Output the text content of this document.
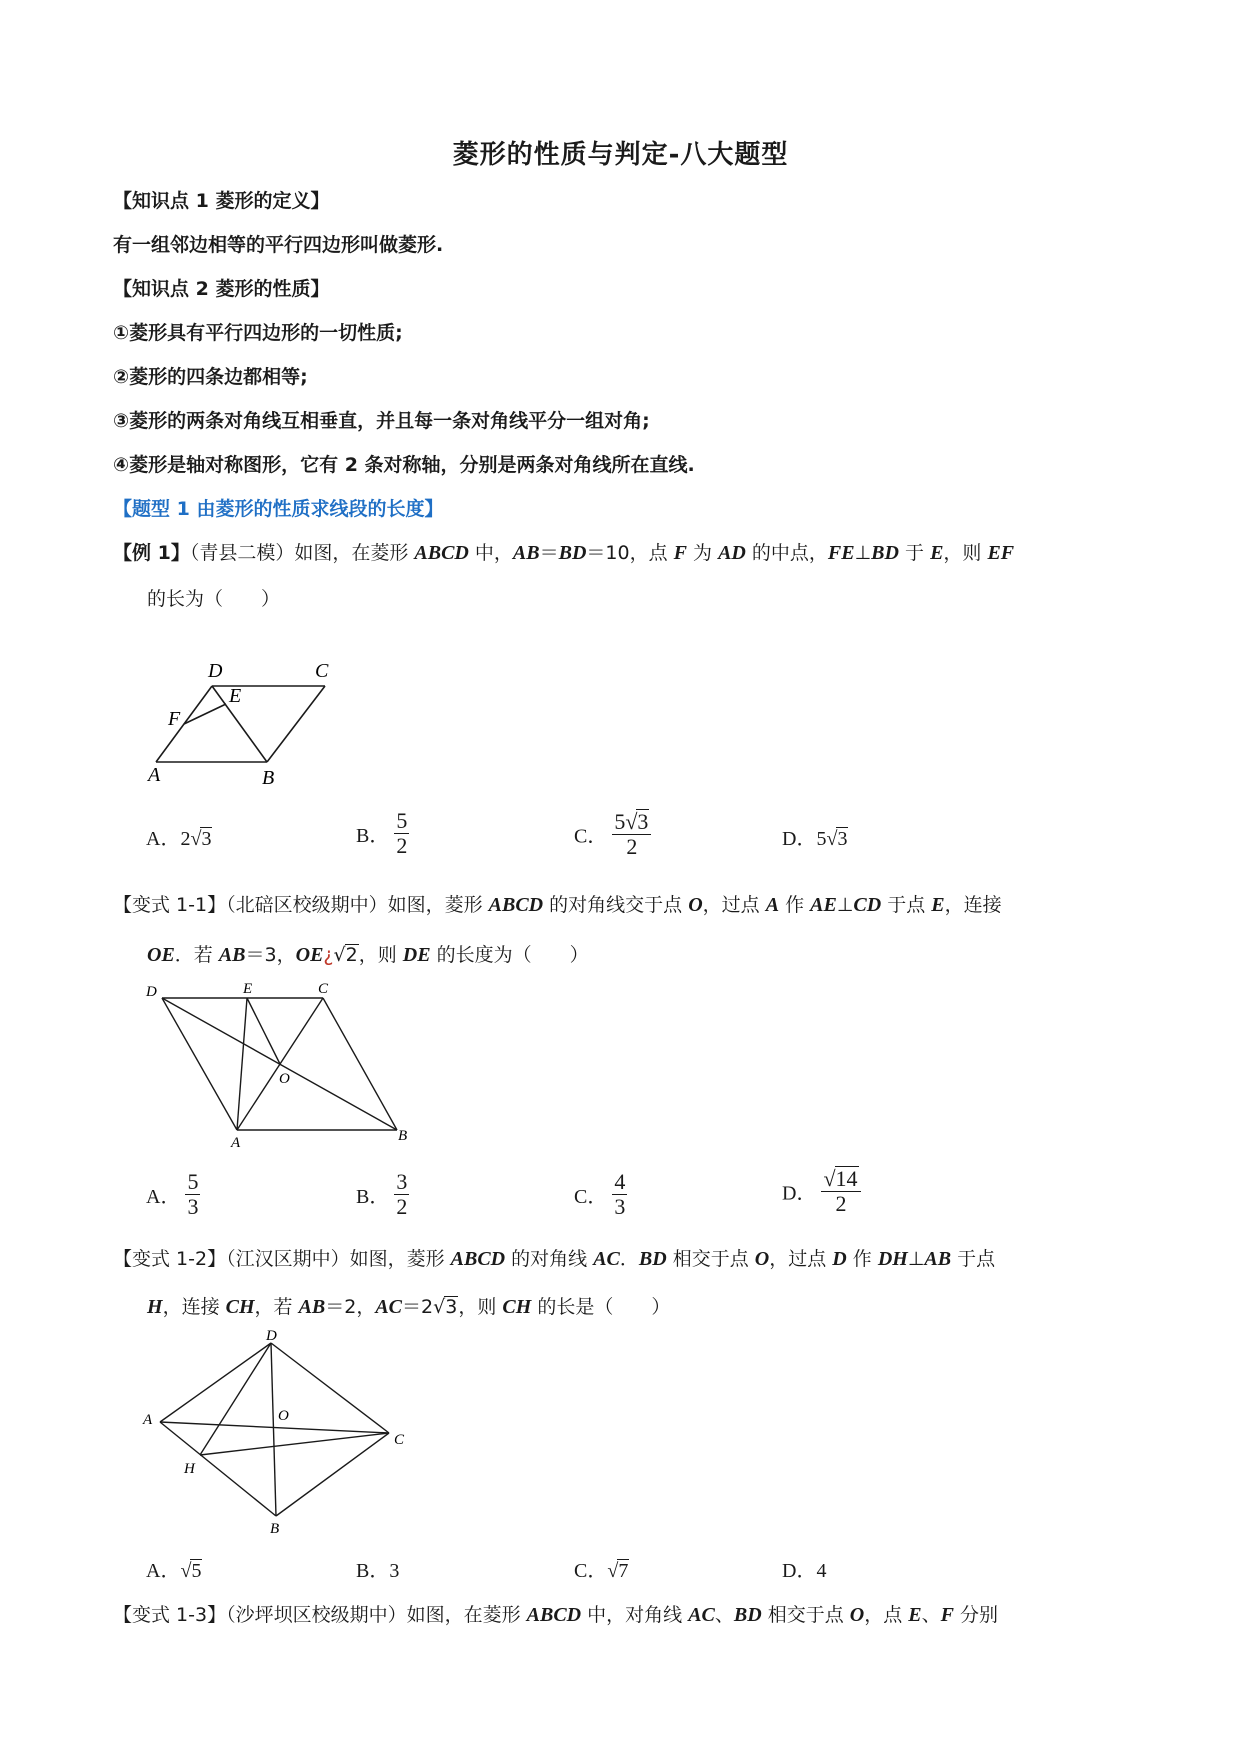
菱形的性质与判定-八大题型
【知识点 1 菱形的定义】
有一组邻边相等的平行四边形叫做菱形.
【知识点 2 菱形的性质】
①菱形具有平行四边形的一切性质;
②菱形的四条边都相等;
③菱形的两条对角线互相垂直，并且每一条对角线平分一组对角;
④菱形是轴对称图形，它有 2 条对称轴，分别是两条对角线所在直线.
【题型 1 由菱形的性质求线段的长度】
【例 1】（青县二模）如图，在菱形 ABCD 中，AB＝BD＝10，点 F 为 AD 的中点，FE⊥BD 于 E，则 EF
的长为（　　）
D	C
E
F
A	B
A．2√3	B． $\frac{5}{2}$	C． $\frac{5√3}{2}$	D．5√3
【变式 1-1】（北碚区校级期中）如图，菱形 ABCD 的对角线交于点 O，过点 A 作 AE⊥CD 于点 E，连接
OE．若 AB＝3，OE¿√2，则 DE 的长度为（　　）
D	E	C
O
A	B
A． $\frac{5}{3}$	B． $\frac{3}{2}$	C． $\frac{4}{3}$	D． $\frac{√14}{2}$
【变式 1-2】（江汉区期中）如图，菱形 ABCD 的对角线 AC．BD 相交于点 O，过点 D 作 DH⊥AB 于点
H，连接 CH，若 AB＝2，AC＝2√3，则 CH 的长是（　　）
D
A	O
C
H
B
A．√5	B．3	C．√7	D．4
【变式 1-3】（沙坪坝区校级期中）如图，在菱形 ABCD 中，对角线 AC、BD 相交于点 O，点 E、F 分别
